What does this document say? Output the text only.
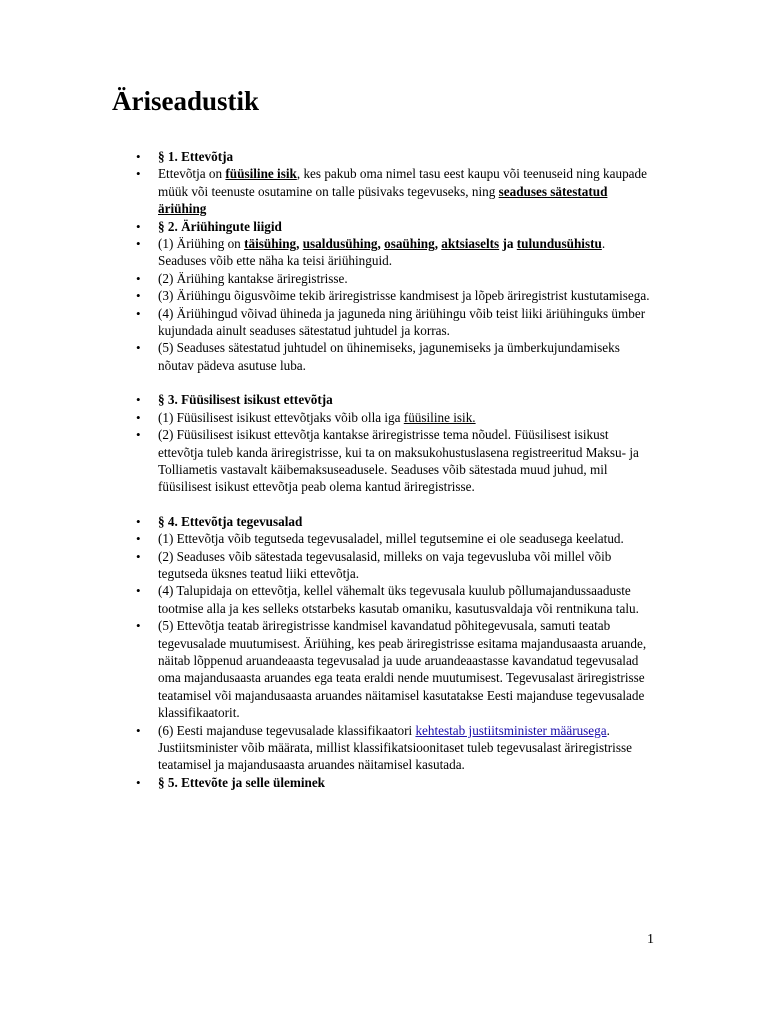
Äriseadustik
• § 1. Ettevõtja
• Ettevõtja on füüsiline isik, kes pakub oma nimel tasu eest kaupu või teenuseid ning kaupade müük või teenuste osutamine on talle püsivaks tegevuseks, ning seaduses sätestatud äriühing
• § 2. Äriühingute liigid
• (1) Äriühing on täisühing, usaldusühing, osaühing, aktsiaselts ja tulundusühistu. Seaduses võib ette näha ka teisi äriühinguid.
• (2) Äriühing kantakse äriregistrisse.
• (3) Äriühingu õigusvõime tekib äriregistrisse kandmisest ja lõpeb äriregistrist kustutamisega.
• (4) Äriühingud võivad ühineda ja jaguneda ning äriühingu võib teist liiki äriühinguks ümber kujundada ainult seaduses sätestatud juhtudel ja korras.
• (5) Seaduses sätestatud juhtudel on ühinemiseks, jagunemiseks ja ümberkujundamiseks nõutav pädeva asutuse luba.
• § 3. Füüsilisest isikust ettevõtja
• (1) Füüsilisest isikust ettevõtjaks võib olla iga füüsiline isik.
• (2) Füüsilisest isikust ettevõtja kantakse äriregistrisse tema nõudel. Füüsilisest isikust ettevõtja tuleb kanda äriregistrisse, kui ta on maksukohustuslasena registreeritud Maksu- ja Tolliametis vastavalt käibemaksuseadusele. Seaduses võib sätestada muud juhud, mil füüsilisest isikust ettevõtja peab olema kantud äriregistrisse.
• § 4. Ettevõtja tegevusalad
• (1) Ettevõtja võib tegutseda tegevusaladel, millel tegutsemine ei ole seadusega keelatud.
• (2) Seaduses võib sätestada tegevusalasid, milleks on vaja tegevusluba või millel võib tegutseda üksnes teatud liiki ettevõtja.
• (4) Talupidaja on ettevõtja, kellel vähemalt üks tegevusala kuulub põllumajandussaaduste tootmise alla ja kes selleks otstarbeks kasutab omaniku, kasutusvaldaja või rentnikuna talu.
• (5) Ettevõtja teatab äriregistrisse kandmisel kavandatud põhitegevusala, samuti teatab tegevusalade muutumisest. Äriühing, kes peab äriregistrisse esitama majandusaasta aruande, näitab lõppenud aruandeaasta tegevusalad ja uude aruandeaastasse kavandatud tegevusalad oma majandusaasta aruandes ega teata eraldi nende muutumisest. Tegevusalast äriregistrisse teatamisel või majandusaasta aruandes näitamisel kasutatakse Eesti majanduse tegevusalade klassifikaatorit.
• (6) Eesti majanduse tegevusalade klassifikaatori kehtestab justiitsminister määrusega. Justiitsminister võib määrata, millist klassifikatsioonitaset tuleb tegevusalast äriregistrisse teatamisel ja majandusaasta aruandes näitamisel kasutada.
• § 5. Ettevõte ja selle üleminek
1
